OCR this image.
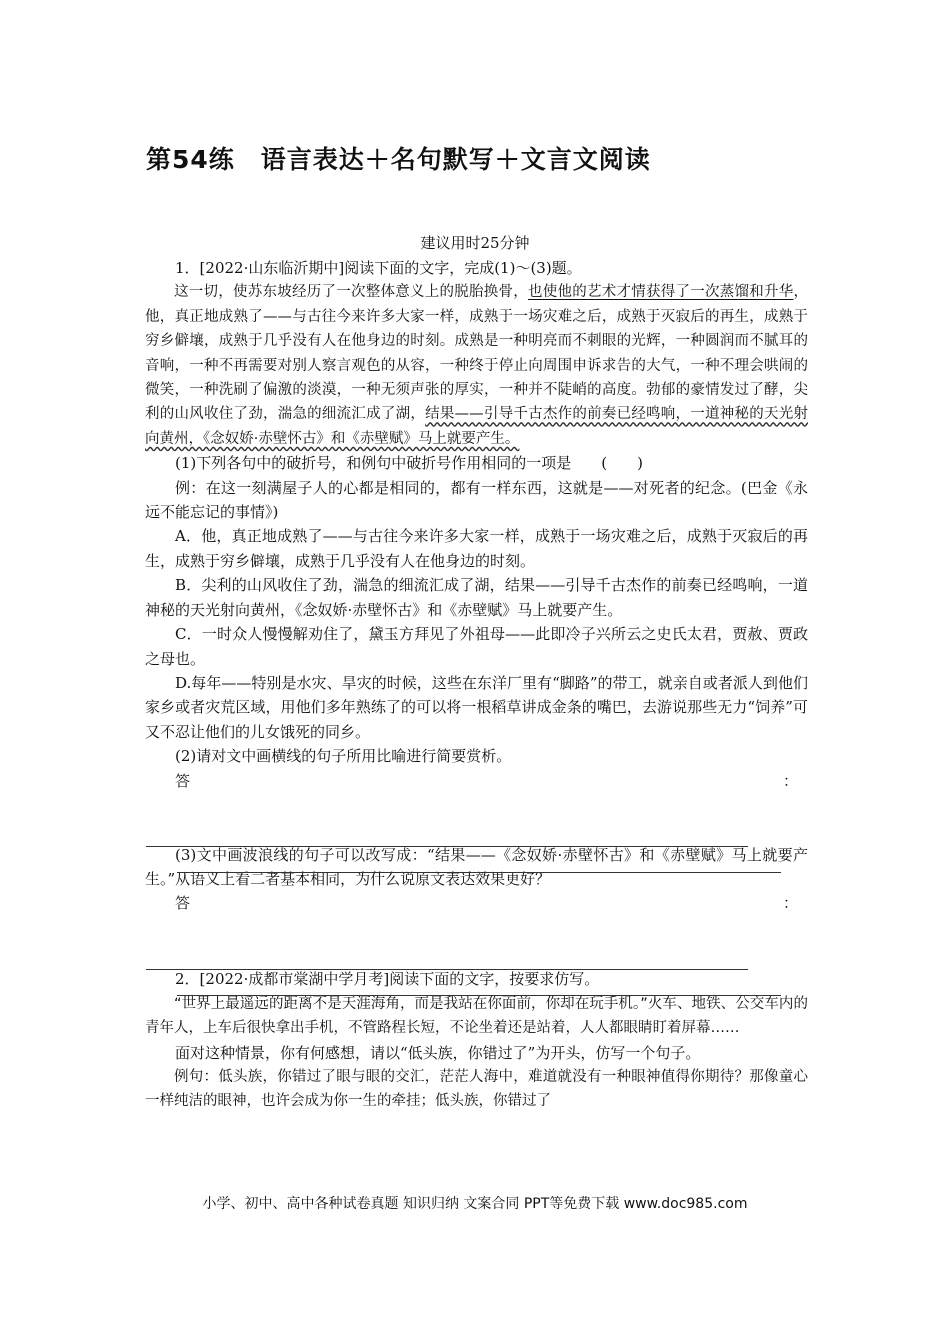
第54练　语言表达＋名句默写＋文言文阅读
建议用时25分钟

1．[2022·山东临沂期中]阅读下面的文字，完成(1)～(3)题。

这一切，使苏东坡经历了一次整体意义上的脱胎换骨，也使他的艺术才情获得了一次蒸馏和升华，他，真正地成熟了——与古往今来许多大家一样，成熟于一场灾难之后，成熟于灭寂后的再生，成熟于穷乡僻壤，成熟于几乎没有人在他身边的时刻。成熟是一种明亮而不刺眼的光辉，一种圆润而不腻耳的音响，一种不再需要对别人察言观色的从容，一种终于停止向周围申诉求告的大气，一种不理会哄闹的微笑，一种洗刷了偏激的淡漠，一种无须声张的厚实，一种并不陡峭的高度。勃郁的豪情发过了酵，尖利的山风收住了劲，湍急的细流汇成了湖，结果——引导千古杰作的前奏已经鸣响，一道神秘的天光射向黄州，《念奴娇·赤壁怀古》和《赤壁赋》马上就要产生。

(1)下列各句中的破折号，和例句中破折号作用相同的一项是　　(　　)

例：在这一刻满屋子人的心都是相同的，都有一样东西，这就是——对死者的纪念。(巴金《永远不能忘记的事情》)

A．他，真正地成熟了——与古往今来许多大家一样，成熟于一场灾难之后，成熟于灭寂后的再生，成熟于穷乡僻壤，成熟于几乎没有人在他身边的时刻。

B．尖利的山风收住了劲，湍急的细流汇成了湖，结果——引导千古杰作的前奏已经鸣响，一道神秘的天光射向黄州，《念奴娇·赤壁怀古》和《赤壁赋》马上就要产生。

C．一时众人慢慢解劝住了，黛玉方拜见了外祖母——此即冷子兴所云之史氏太君，贾赦、贾政之母也。

D.每年——特别是水灾、旱灾的时候，这些在东洋厂里有“脚路”的带工，就亲自或者派人到他们家乡或者灾荒区域，用他们多年熟练了的可以将一根稻草讲成金条的嘴巴，去游说那些无力“饲养”可又不忍让他们的儿女饿死的同乡。

(2)请对文中画横线的句子所用比喻进行简要赏析。

答	：

(3)文中画波浪线的句子可以改写成：“结果——《念奴娇·赤壁怀古》和《赤壁赋》马上就要产生。”从语义上看二者基本相同，为什么说原文表达效果更好？

答	：

2．[2022·成都市棠湖中学月考]阅读下面的文字，按要求仿写。

“世界上最遥远的距离不是天涯海角，而是我站在你面前，你却在玩手机。”火车、地铁、公交车内的青年人，上车后很快拿出手机，不管路程长短，不论坐着还是站着，人人都眼睛盯着屏幕……

面对这种情景，你有何感想，请以“低头族，你错过了”为开头，仿写一个句子。

例句：低头族，你错过了眼与眼的交汇，茫茫人海中，难道就没有一种眼神值得你期待？那像童心一样纯洁的眼神，也许会成为你一生的牵挂；低头族，你错过了

小学、初中、高中各种试卷真题 知识归纳 文案合同 PPT等免费下载 www.doc985.com
